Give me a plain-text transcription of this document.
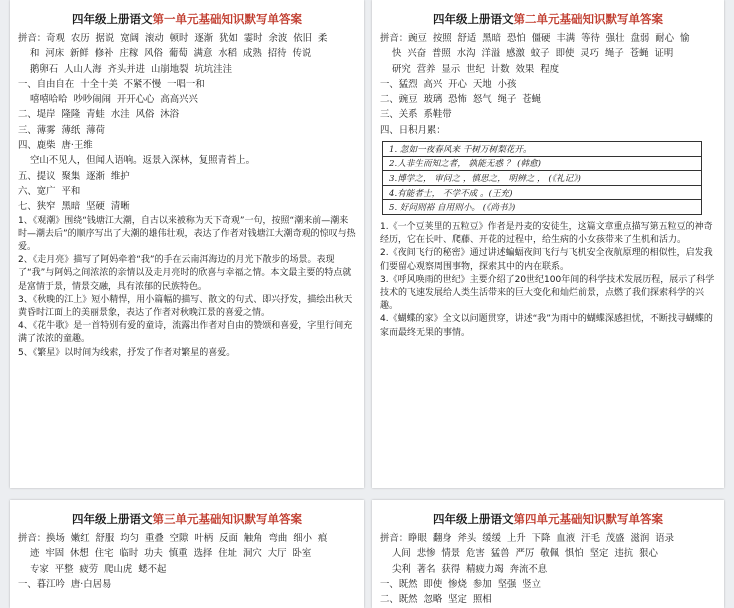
四年级上册语文第一单元基础知识默写单答案

拼音：奇观  农历  据说  宽阔  滚动  顿时  逐渐  犹如  霎时  余波  依旧  柔

和  河床  新鲜  修补  庄稼  风俗  葡萄  满意  水稻  成熟  招待  传说

鹅卵石  人山人海  齐头并进  山崩地裂  坑坑洼洼

一、自由自在  十全十美  不紧不慢  一唱一和

嘻嘻哈哈  吵吵闹闹  开开心心  高高兴兴

二、堤岸  隆隆  青蛙  水洼  风俗  沐浴

三、薄雾  薄纸  薄荷

四、鹿柴  唐·王维

空山不见人，但闻人语响。返景入深林，复照青苔上。

五、提议  聚集  逐渐  维护

六、宽广  平和

七、狭窄  黑暗  坚硬  清晰

1、《观潮》围绕“钱塘江大潮，自古以来被称为天下奇观”一句，按照“潮来前—潮来时—潮去后”的顺序写出了大潮的雄伟壮观，表达了作者对钱塘江大潮奇观的惊叹与热爱。

2、《走月亮》描写了阿妈牵着“我”的手在云南洱海边的月光下散步的场景。表现了“我”与阿妈之间浓浓的亲情以及走月亮时的欣喜与幸福之情。本文最主要的特点就是富情于景，情景交融，具有浓郁的民族特色。

3、《秋晚的江上》短小精悍，用小篇幅的描写、散文的句式、即兴抒发，描绘出秋天黄昏时江面上的美丽景象，表达了作者对秋晚江景的喜爱之情。

4、《花牛歌》是一首特别有爱的童诗，流露出作者对自由的赞颂和喜爱，字里行间充满了浓浓的童趣。

5、《繁星》以时间为线索，抒发了作者对繁星的喜爱。

四年级上册语文第二单元基础知识默写单答案

拼音：豌豆  按照  舒适  黑暗  恐怕  僵硬  丰满  等待  强壮  盘弱  耐心  愉

快  兴奋  普照  水沟  洋溢  感激  蚊子  即使  灵巧  绳子  苍蝇  证明

研究  营养  显示  世纪  计数  效果  程度

一、猛烈  高兴  开心  天地  小孩

二、豌豆  玻璃  恐怖  怒气  绳子  苍蝇

三、关系  系鞋带

四、日积月累：

1. 忽如一夜春风来 千树万树梨花开。
2.人非生而知之者， 孰能无惑 ？ (韩愈)
3.博学之， 审问之 ，慎思之， 明辨之 ， (《礼记》)
4.有能者士， 不学不成 。(王充)
5. 好问则裕 自用则小。 (《尚书》)

1.《一个豆荚里的五粒豆》作者是丹麦的安徒生，这篇文章重点描写第五粒豆的神奇经历，它在长叶、爬藤、开花的过程中，给生病的小女孩带来了生机和活力。

2.《夜间飞行的秘密》通过讲述蝙蝠夜间飞行与飞机安全夜航原理的相似性，启发我们要留心观察周围事物，探索其中的内在联系。

3.《呼风唤雨的世纪》主要介绍了20世纪100年间的科学技术发展历程，展示了科学技术的飞速发展给人类生活带来的巨大变化和灿烂前景，点燃了我们探索科学的兴趣。

4.《蝴蝶的家》全文以问题贯穿，讲述“我”为雨中的蝴蝶深感担忧，不断找寻蝴蝶的家而最终无果的事情。

四年级上册语文第三单元基础知识默写单答案

拼音：换场  嫩红  舒服  均匀  重叠  空隙  叶柄  反面  触角  弯曲  细小  痕

迹  牢固  休想  住宅  临时  功夫  慎重  选择  住址  洞穴  大厅  卧室

专家  平整  疲劳  爬山虎  蟋不起

一、暮江吟  唐·白居易

四年级上册语文第四单元基础知识默写单答案

拼音：睁眼  翻身  斧头  缓缓  上升  下降  血液  汗毛  茂盛  滋润  语录

人间  悲惨  情景  危害  猛兽  严厉  敬佩  惧怕  坚定  违抗  狠心

尖利  著名  获得  精疲力竭  奔流不息

一、既然  即使  惨烧  参加  坚强  竖立

二、既然  忽略  坚定  照相
